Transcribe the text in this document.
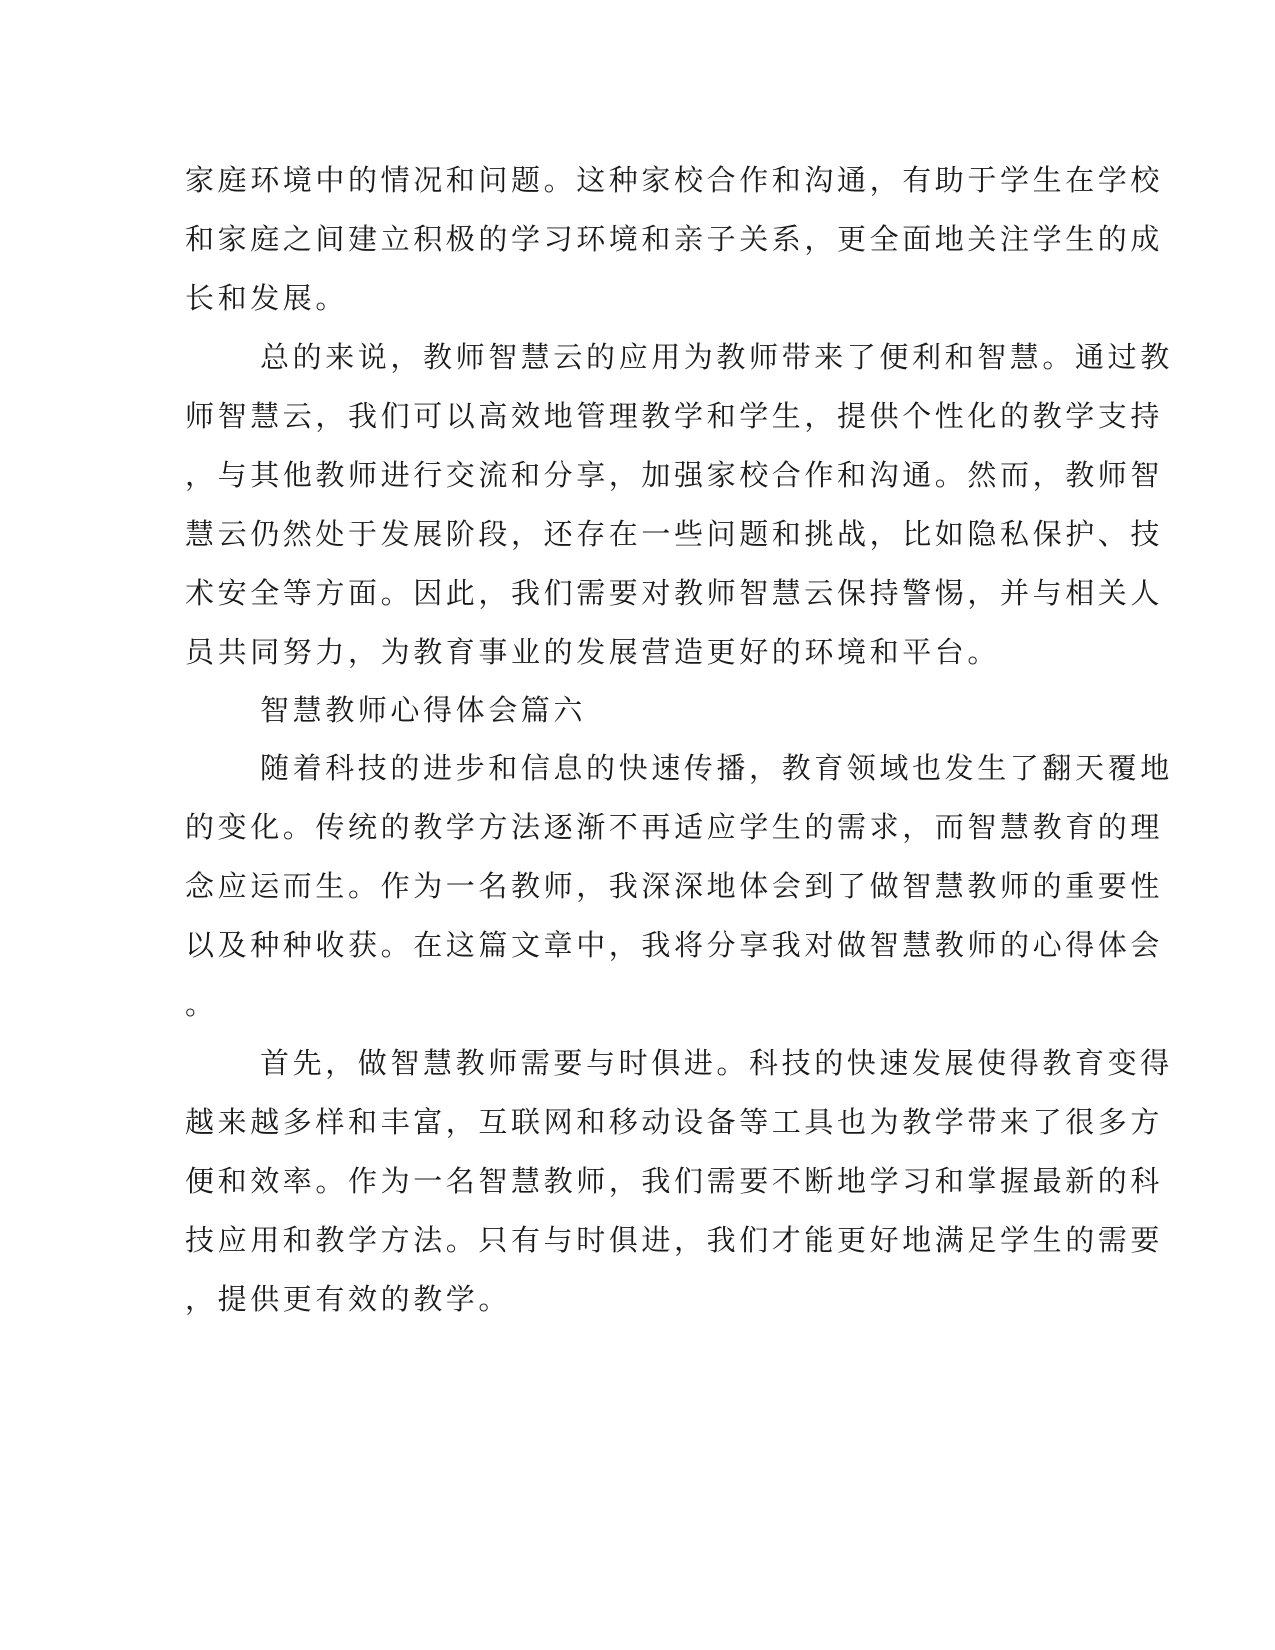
家庭环境中的情况和问题。这种家校合作和沟通，有助于学生在学校
和家庭之间建立积极的学习环境和亲子关系，更全面地关注学生的成
长和发展。
总的来说，教师智慧云的应用为教师带来了便利和智慧。通过教
师智慧云，我们可以高效地管理教学和学生，提供个性化的教学支持
，与其他教师进行交流和分享，加强家校合作和沟通。然而，教师智
慧云仍然处于发展阶段，还存在一些问题和挑战，比如隐私保护、技
术安全等方面。因此，我们需要对教师智慧云保持警惕，并与相关人
员共同努力，为教育事业的发展营造更好的环境和平台。
智慧教师心得体会篇六
随着科技的进步和信息的快速传播，教育领域也发生了翻天覆地
的变化。传统的教学方法逐渐不再适应学生的需求，而智慧教育的理
念应运而生。作为一名教师，我深深地体会到了做智慧教师的重要性
以及种种收获。在这篇文章中，我将分享我对做智慧教师的心得体会
。
首先，做智慧教师需要与时俱进。科技的快速发展使得教育变得
越来越多样和丰富，互联网和移动设备等工具也为教学带来了很多方
便和效率。作为一名智慧教师，我们需要不断地学习和掌握最新的科
技应用和教学方法。只有与时俱进，我们才能更好地满足学生的需要
，提供更有效的教学。
